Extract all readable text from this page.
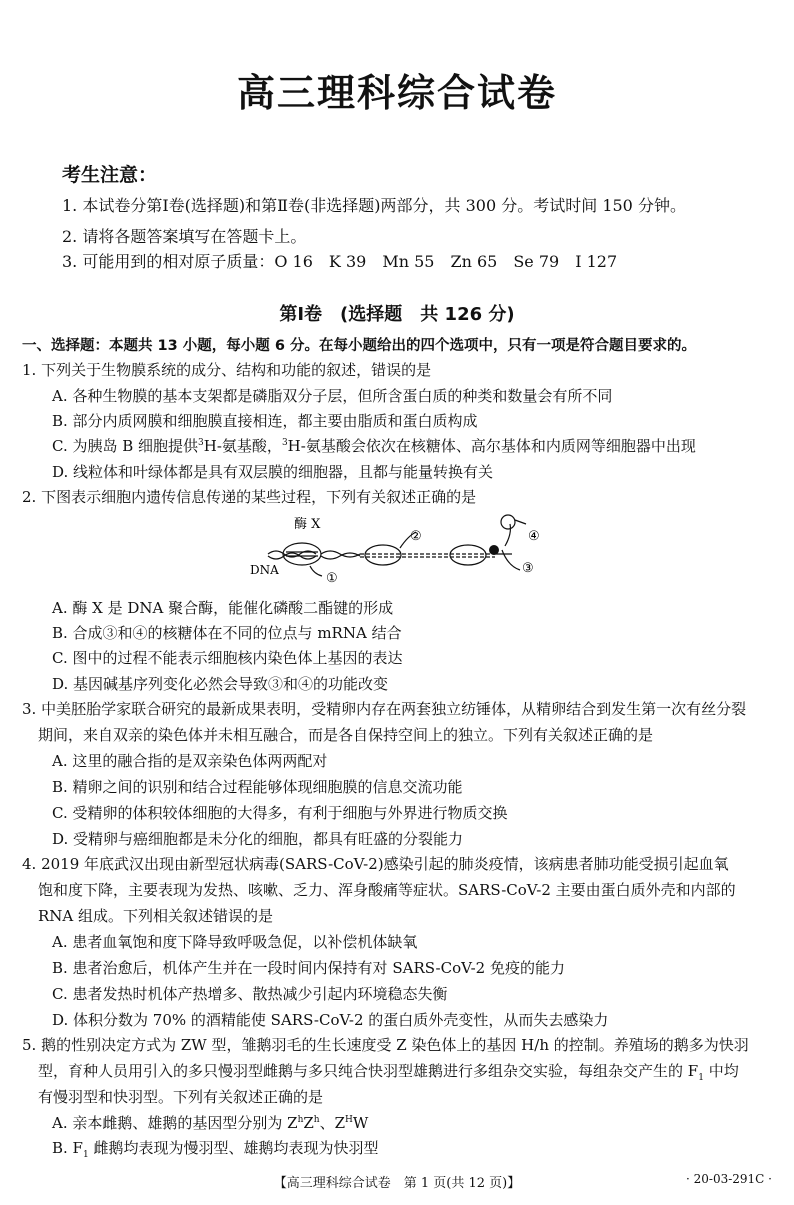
高三理科综合试卷
考生注意：
1. 本试卷分第Ⅰ卷(选择题)和第Ⅱ卷(非选择题)两部分，共 300 分。考试时间 150 分钟。
2. 请将各题答案填写在答题卡上。
3. 可能用到的相对原子质量：O 16　K 39　Mn 55　Zn 65　Se 79　I 127
第Ⅰ卷　(选择题　共 126 分)
一、选择题：本题共 13 小题，每小题 6 分。在每小题给出的四个选项中，只有一项是符合题目要求的。
1. 下列关于生物膜系统的成分、结构和功能的叙述，错误的是
A. 各种生物膜的基本支架都是磷脂双分子层，但所含蛋白质的种类和数量会有所不同
B. 部分内质网膜和细胞膜直接相连，都主要由脂质和蛋白质构成
C. 为胰岛 B 细胞提供$^3$H-氨基酸，$^3$H-氨基酸会依次在核糖体、高尔基体和内质网等细胞器中出现
D. 线粒体和叶绿体都是具有双层膜的细胞器，且都与能量转换有关
2. 下图表示细胞内遗传信息传递的某些过程，下列有关叙述正确的是
酶 X
DNA
①
②
③
④
A. 酶 X 是 DNA 聚合酶，能催化磷酸二酯键的形成
B. 合成③和④的核糖体在不同的位点与 mRNA 结合
C. 图中的过程不能表示细胞核内染色体上基因的表达
D. 基因碱基序列变化必然会导致③和④的功能改变
3. 中美胚胎学家联合研究的最新成果表明，受精卵内存在两套独立纺锤体，从精卵结合到发生第一次有丝分裂
期间，来自双亲的染色体并未相互融合，而是各自保持空间上的独立。下列有关叙述正确的是
A. 这里的融合指的是双亲染色体两两配对
B. 精卵之间的识别和结合过程能够体现细胞膜的信息交流功能
C. 受精卵的体积较体细胞的大得多，有利于细胞与外界进行物质交换
D. 受精卵与癌细胞都是未分化的细胞，都具有旺盛的分裂能力
4. 2019 年底武汉出现由新型冠状病毒(SARS-CoV-2)感染引起的肺炎疫情，该病患者肺功能受损引起血氧
饱和度下降，主要表现为发热、咳嗽、乏力、浑身酸痛等症状。SARS-CoV-2 主要由蛋白质外壳和内部的
RNA 组成。下列相关叙述错误的是
A. 患者血氧饱和度下降导致呼吸急促，以补偿机体缺氧
B. 患者治愈后，机体产生并在一段时间内保持有对 SARS-CoV-2 免疫的能力
C. 患者发热时机体产热增多、散热减少引起内环境稳态失衡
D. 体积分数为 70% 的酒精能使 SARS-CoV-2 的蛋白质外壳变性，从而失去感染力
5. 鹅的性别决定方式为 ZW 型，雏鹅羽毛的生长速度受 Z 染色体上的基因 H/h 的控制。养殖场的鹅多为快羽
型，育种人员用引入的多只慢羽型雌鹅与多只纯合快羽型雄鹅进行多组杂交实验，每组杂交产生的 $F_1$ 中均
有慢羽型和快羽型。下列有关叙述正确的是
A. 亲本雌鹅、雄鹅的基因型分别为 $Z^hZ^h$、$Z^HW$
B. $F_1$ 雌鹅均表现为慢羽型、雄鹅均表现为快羽型
【高三理科综合试卷　第 1 页(共 12 页)】	· 20-03-291C ·
